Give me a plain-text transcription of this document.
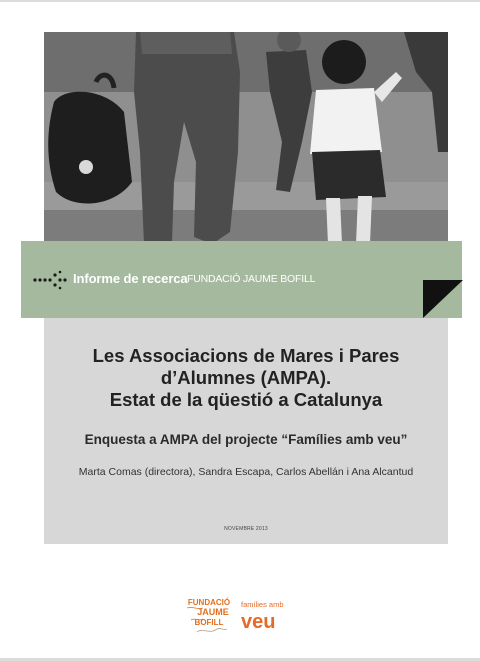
Informe de recerca FUNDACIÓ JAUME BOFILL
Les Associacions de Mares i Pares
d’Alumnes (AMPA).
Estat de la qüestió a Catalunya
Enquesta a AMPA del projecte “Famílies amb veu”
Marta Comas (directora), Sandra Escapa, Carlos Abellán i Ana Alcantud
NOVEMBRE 2013
FUNDACIÓ
JAUME
BOFILL
famílies amb
veu
